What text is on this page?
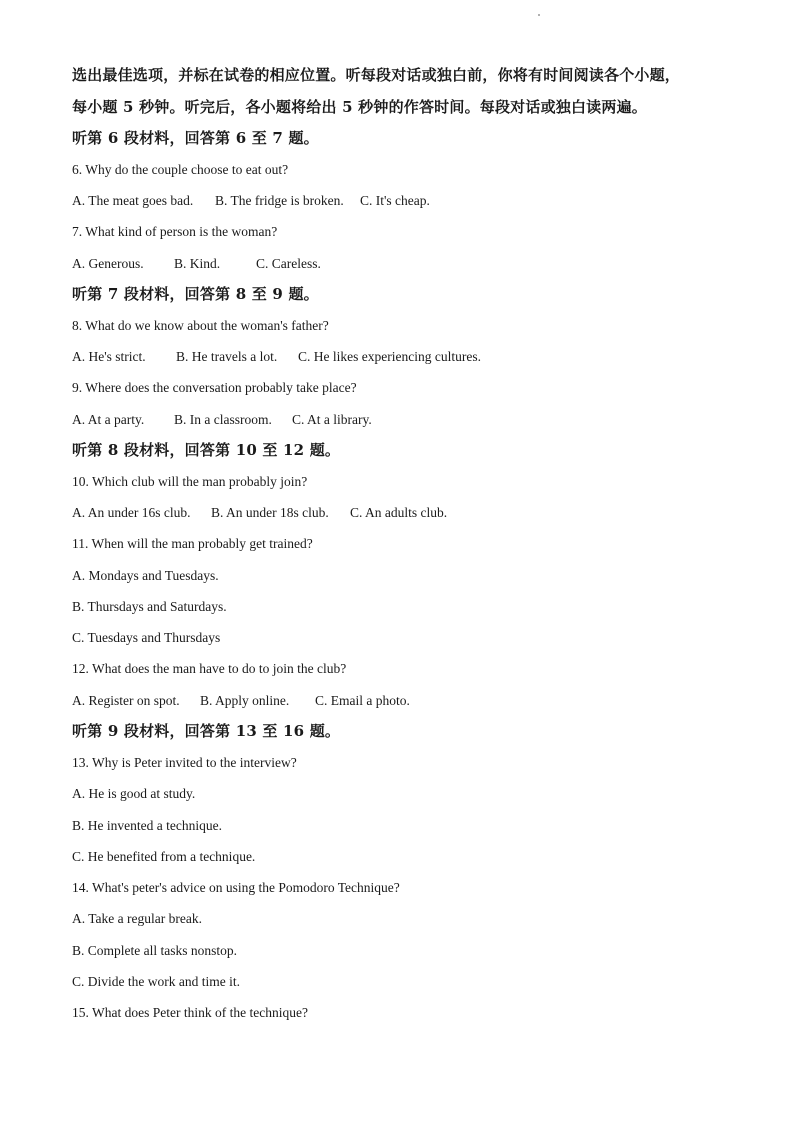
选出最佳选项，并标在试卷的相应位置。听每段对话或独白前，你将有时间阅读各个小题，
每小题 5 秒钟。听完后，各小题将给出 5 秒钟的作答时间。每段对话或独白读两遍。
听第 6 段材料，回答第 6 至 7 题。
6. Why do the couple choose to eat out?
A. The meat goes bad. B. The fridge is broken. C. It's cheap.
7. What kind of person is the woman?
A. Generous. B. Kind.	C. Careless.
听第 7 段材料，回答第 8 至 9 题。
8. What do we know about the woman's father?
A. He's strict. B. He travels a lot. C. He likes experiencing cultures.
9. Where does the conversation probably take place?
A. At a party. B. In a classroom. C. At a library.
听第 8 段材料，回答第 10 至 12 题。
10. Which club will the man probably join?
A. An under 16s club. B. An under 18s club. C. An adults club.
11. When will the man probably get trained?
A. Mondays and Tuesdays.
B. Thursdays and Saturdays.
C. Tuesdays and Thursdays
12. What does the man have to do to join the club?
A. Register on spot. B. Apply online. C. Email a photo.
听第 9 段材料，回答第 13 至 16 题。
13. Why is Peter invited to the interview?
A. He is good at study.
B. He invented a technique.
C. He benefited from a technique.
14. What's peter's advice on using the Pomodoro Technique?
A. Take a regular break.
B. Complete all tasks nonstop.
C. Divide the work and time it.
15. What does Peter think of the technique?
